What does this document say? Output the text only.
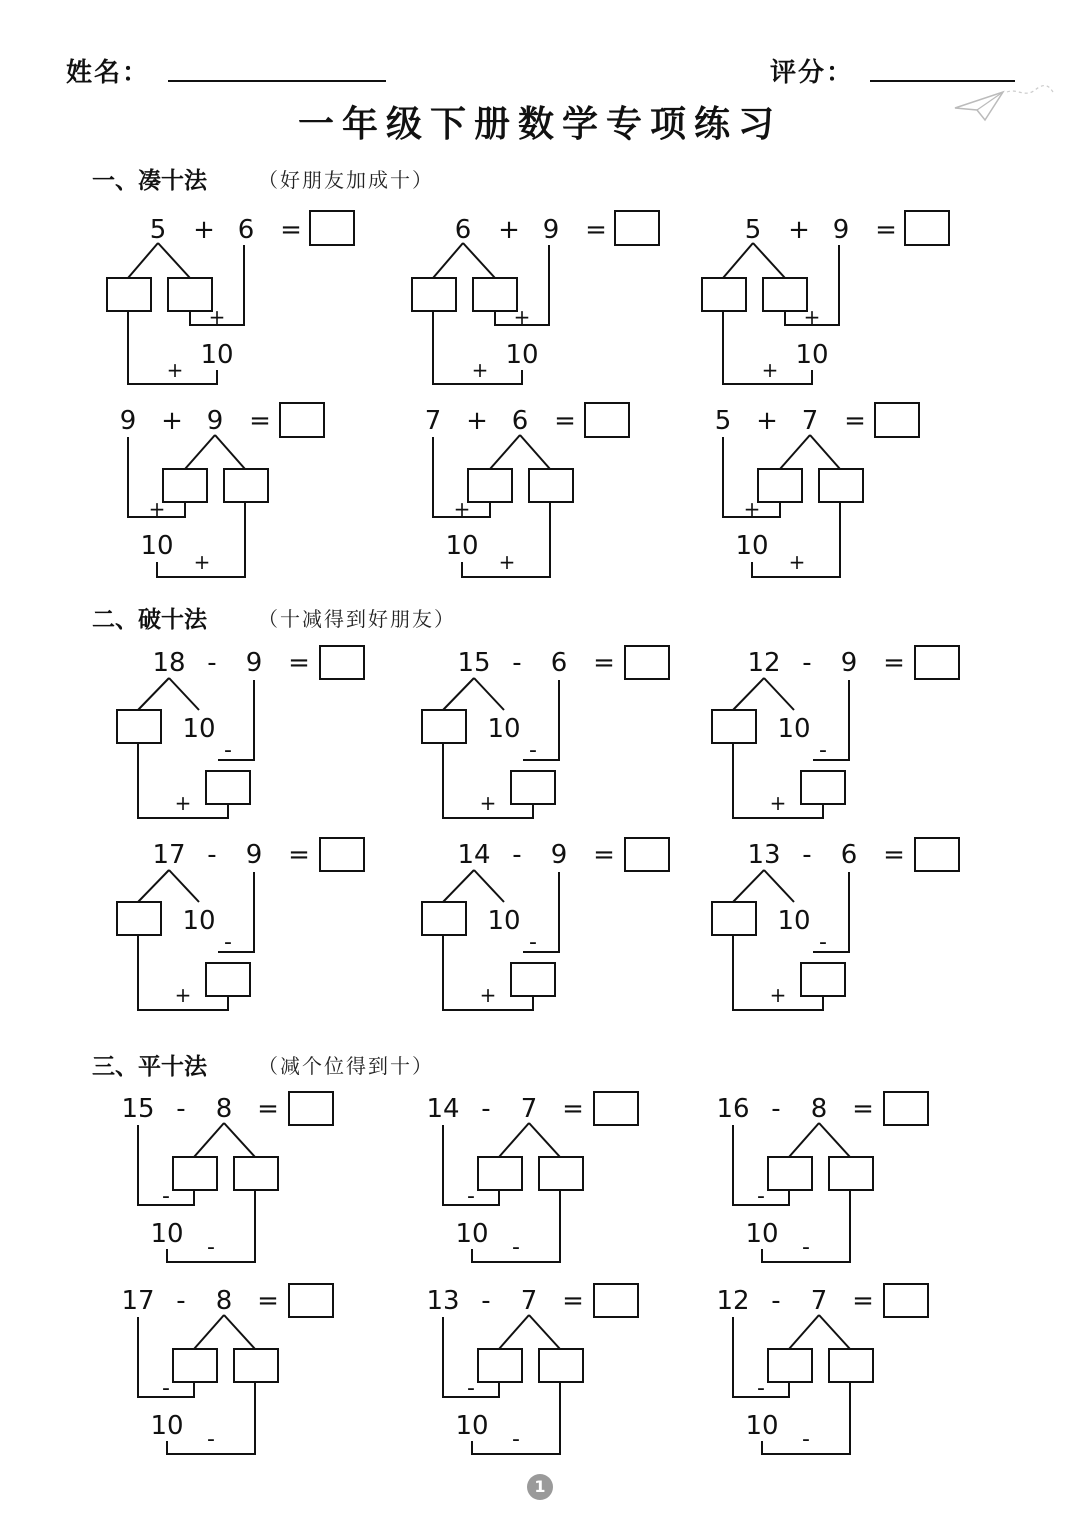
姓名：	评分：
一年级下册数学专项练习
一、凑十法	（好朋友加成十）
二、破十法	（十减得到好朋友）
三、平十法	（减个位得到十）
5 + 6 =
+
+ 10
6 + 9 =
+
+ 10
5 + 9 =
+
+ 10
9 + 9 =
+
+
10
7 + 6 =
+
+
10
5 + 7 =
+
+
10
18 - 9 =
10
-
+
15 - 6 =
10
-
+
12 - 9 =
10
-
+
17 - 9 =
10
-
+
14 - 9 =
10
-
+
13 - 6 =
10
-
+
15 - 8 =
-
10 -
14 - 7 =
-
10 -
16 - 8 =
-
10 -
17 - 8 =
-
10 -
13 - 7 =
-
10 -
12 - 7 =
-
10 -
1
